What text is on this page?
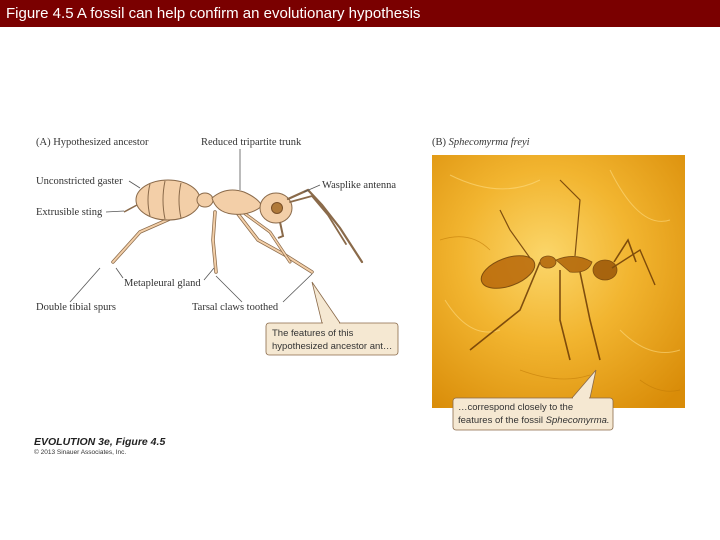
Figure 4.5 A fossil can help confirm an evolutionary hypothesis
(A) Hypothesized ancestor	Reduced tripartite trunk
Wasplike antenna
Unconstricted gaster
Extrusible sting
Metapleural gland
Double tibial spurs	Tarsal claws toothed
The features of this
hypothesized ancestor ant…
(B) Sphecomyrma freyi
…correspond closely to the
features of the fossil Sphecomyrma.
EVOLUTION 3e, Figure 4.5
© 2013 Sinauer Associates, Inc.
